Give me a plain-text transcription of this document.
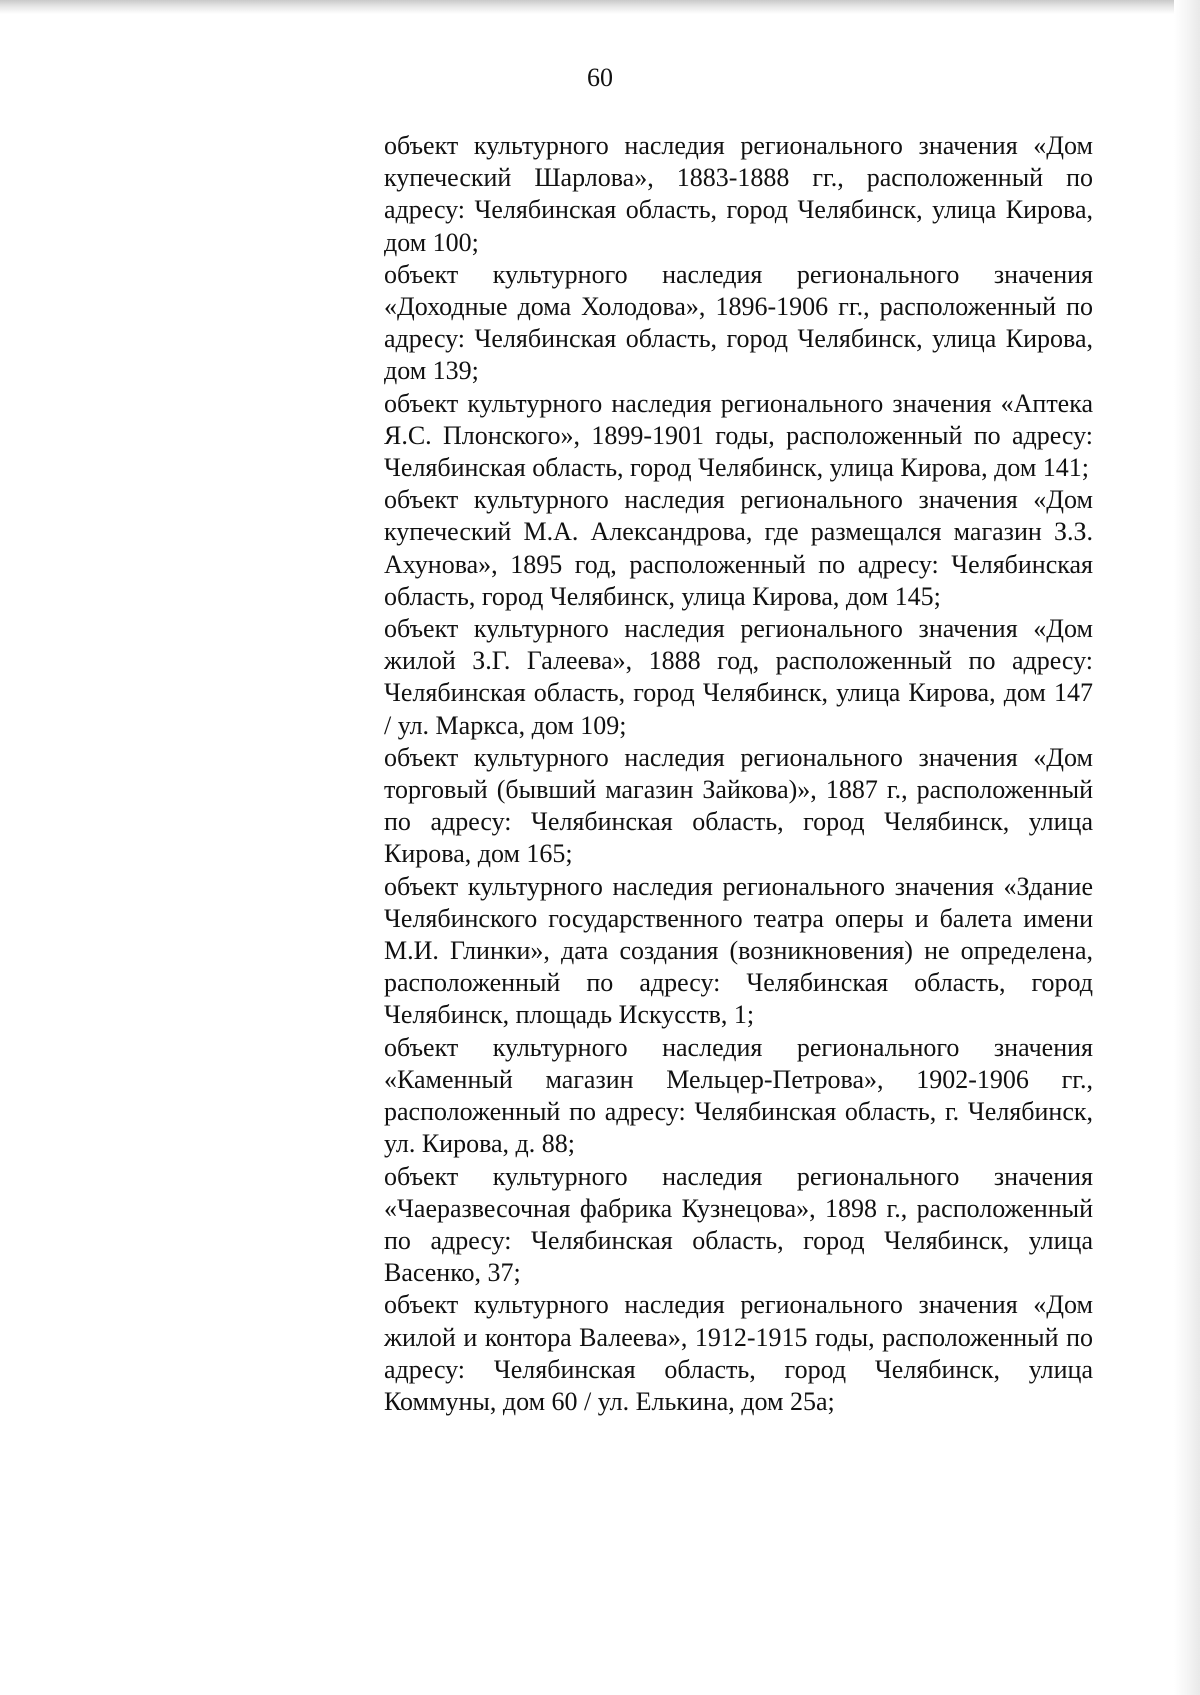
60

объект культурного наследия регионального значения «Дом купеческий Шарлова», 1883-1888 гг., расположенный по адресу: Челябинская область, город Челябинск, улица Кирова, дом 100;

объект культурного наследия регионального значения «Доходные дома Холодова», 1896-1906 гг., расположенный по адресу: Челябинская область, город Челябинск, улица Кирова, дом 139;

объект культурного наследия регионального значения «Аптека Я.С. Плонского», 1899-1901 годы, расположенный по адресу: Челябинская область, город Челябинск, улица Кирова, дом 141;

объект культурного наследия регионального значения «Дом купеческий М.А. Александрова, где размещался магазин З.З. Ахунова», 1895 год, расположенный по адресу: Челябинская область, город Челябинск, улица Кирова, дом 145;

объект культурного наследия регионального значения «Дом жилой З.Г. Галеева», 1888 год, расположенный по адресу: Челябинская область, город Челябинск, улица Кирова, дом 147 / ул. Маркса, дом 109;

объект культурного наследия регионального значения «Дом торговый (бывший магазин Зайкова)», 1887 г., расположенный по адресу: Челябинская область, город Челябинск, улица Кирова, дом 165;

объект культурного наследия регионального значения «Здание Челябинского государственного театра оперы и балета имени М.И. Глинки», дата создания (возникновения) не определена, расположенный по адресу: Челябинская область, город Челябинск, площадь Искусств, 1;

объект культурного наследия регионального значения «Каменный магазин Мельцер-Петрова», 1902-1906 гг., расположенный по адресу: Челябинская область, г. Челябинск, ул. Кирова, д. 88;

объект культурного наследия регионального значения «Чаеразвесочная фабрика Кузнецова», 1898 г., расположенный по адресу: Челябинская область, город Челябинск, улица Васенко, 37;

объект культурного наследия регионального значения «Дом жилой и контора Валеева», 1912-1915 годы, расположенный по адресу: Челябинская область, город Челябинск, улица Коммуны, дом 60 / ул. Елькина, дом 25а;
